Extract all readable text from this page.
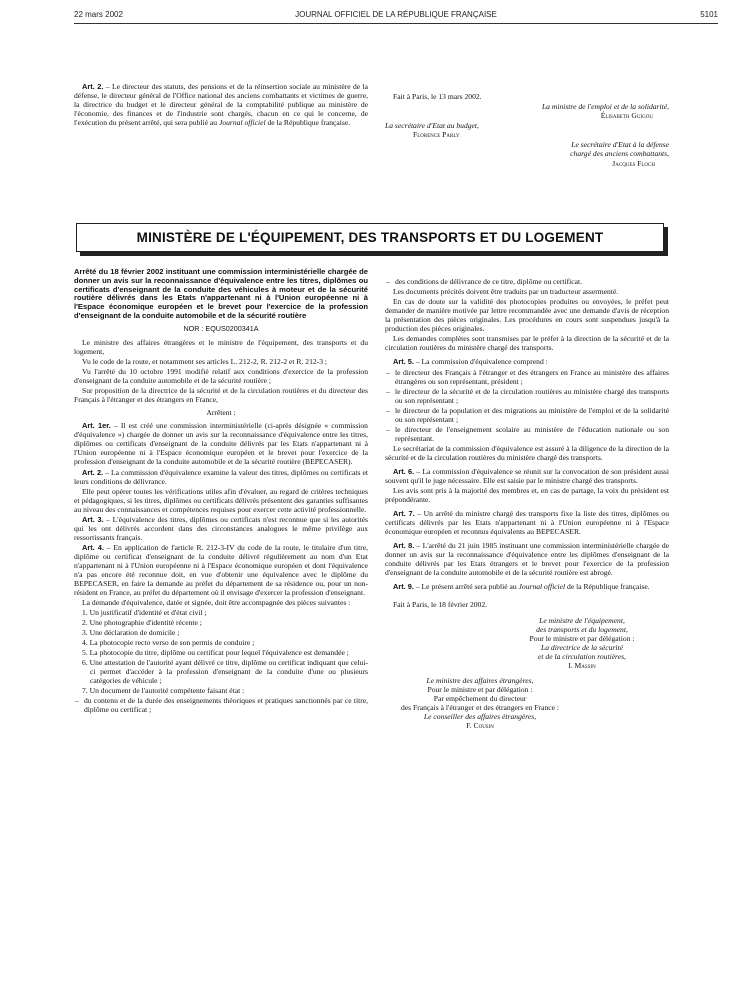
22 mars 2002	JOURNAL OFFICIEL DE LA RÉPUBLIQUE FRANÇAISE	5101

Art. 2. – Le directeur des statuts, des pensions et de la réinsertion sociale au ministère de la défense, le directeur général de l'Office national des anciens combattants et victimes de guerre, la directrice du budget et le directeur général de la comptabilité publique au ministère de l'économie, des finances et de l'industrie sont chargés, chacun en ce qui le concerne, de l'exécution du présent arrêté, qui sera publié au Journal officiel de la République française.

Fait à Paris, le 13 mars 2002.
La ministre de l'emploi et de la solidarité,
Élisabeth Guigou
La secrétaire d'Etat au budget,
Florence Parly
Le secrétaire d'Etat à la défense
chargé des anciens combattants,
Jacques Floch
MINISTÈRE DE L'ÉQUIPEMENT, DES TRANSPORTS ET DU LOGEMENT
Arrêté du 18 février 2002 instituant une commission interministérielle chargée de donner un avis sur la reconnaissance d'équivalence entre les titres, diplômes ou certificats d'enseignant de la conduite des véhicules à moteur et de la sécurité routière délivrés dans les Etats n'appartenant ni à l'Union européenne ni à l'Espace économique européen et le brevet pour l'exercice de la profession d'enseignant de la conduite automobile et de la sécurité routière
NOR : EQUS0200341A

Le ministre des affaires étrangères et le ministre de l'équipement, des transports et du logement,

Vu le code de la route, et notamment ses articles L. 212-2, R. 212-2 et R. 212-3 ;

Vu l'arrêté du 10 octobre 1991 modifié relatif aux conditions d'exercice de la profession d'enseignant de la conduite automobile et de la sécurité routière ;

Sur proposition de la directrice de la sécurité et de la circulation routières et du directeur des Français à l'étranger et des étrangers en France,

Arrêtent :

Art. 1er. – Il est créé une commission interministérielle (ci-après désignée « commission d'équivalence ») chargée de donner un avis sur la reconnaissance d'équivalence entre les titres, diplômes ou certificats d'enseignant de la conduite délivrés par les Etats n'appartenant ni à l'Union européenne ni à l'Espace économique européen et le brevet pour l'exercice de la profession d'enseignant de la conduite automobile et de la sécurité routière (BEPECASER).

Art. 2. – La commission d'équivalence examine la valeur des titres, diplômes ou certificats et leurs conditions de délivrance.

Elle peut opérer toutes les vérifications utiles afin d'évaluer, au regard de critères techniques et pédagogiques, si les titres, diplômes ou certificats délivrés présentent des garanties suffisantes au niveau des connaissances et compétences requises pour exercer cette activité professionnelle.

Art. 3. – L'équivalence des titres, diplômes ou certificats n'est reconnue que si les autorités qui les ont délivrés accordent dans des circonstances analogues le même privilège aux ressortissants français.

Art. 4. – En application de l'article R. 212-3-IV du code de la route, le titulaire d'un titre, diplôme ou certificat d'enseignant de la conduite délivré régulièrement au nom d'un Etat n'appartenant ni à l'Union européenne ni à l'Espace économique européen et dont l'équivalence n'a pas encore été reconnue doit, en vue d'obtenir une équivalence avec le diplôme du BEPECASER, en faire la demande au préfet du département de sa résidence ou, pour un non-résident en France, au préfet du département où il envisage d'exercer la profession d'enseignant.

La demande d'équivalence, datée et signée, doit être accompagnée des pièces suivantes :

1. Un justificatif d'identité et d'état civil ;
2. Une photographie d'identité récente ;
3. Une déclaration de domicile ;
4. La photocopie recto verso de son permis de conduire ;
5. La photocopie du titre, diplôme ou certificat pour lequel l'équivalence est demandée ;
6. Une attestation de l'autorité ayant délivré ce titre, diplôme ou certificat indiquant que celui-ci permet d'accéder à la profession d'enseignant de la conduite d'une ou plusieurs catégories de véhicule ;
7. Un document de l'autorité compétente faisant état :
– du contenu et de la durée des enseignements théoriques et pratiques sanctionnés par ce titre, diplôme ou certificat ;
– des conditions de délivrance de ce titre, diplôme ou certificat.

Les documents précités doivent être traduits par un traducteur assermenté.

En cas de doute sur la validité des photocopies produites ou envoyées, le préfet peut demander de manière motivée par lettre recommandée avec une demande d'avis de réception la présentation des pièces originales. Les procédures en cours sont suspendues jusqu'à la production des pièces originales.

Les demandes complètes sont transmises par le préfet à la direction de la sécurité et de la circulation routières du ministère chargé des transports.

Art. 5. – La commission d'équivalence comprend :

– le directeur des Français à l'étranger et des étrangers en France au ministère des affaires étrangères ou son représentant, président ;
– le directeur de la sécurité et de la circulation routières au ministère chargé des transports ou son représentant ;
– le directeur de la population et des migrations au ministère de l'emploi et de la solidarité ou son représentant ;
– le directeur de l'enseignement scolaire au ministère de l'éducation nationale ou son représentant.

Le secrétariat de la commission d'équivalence est assuré à la diligence de la direction de la sécurité et de la circulation routières du ministère chargé des transports.

Art. 6. – La commission d'équivalence se réunit sur la convocation de son président aussi souvent qu'il le juge nécessaire. Elle est saisie par le ministre chargé des transports.

Les avis sont pris à la majorité des membres et, en cas de partage, la voix du président est prépondérante.

Art. 7. – Un arrêté du ministre chargé des transports fixe la liste des titres, diplômes ou certificats délivrés par les Etats n'appartenant ni à l'Union européenne ni à l'Espace économique européen et reconnus équivalents au BEPECASER.

Art. 8. – L'arrêté du 21 juin 1985 instituant une commission interministérielle chargée de donner un avis sur la reconnaissance d'équivalence entre les diplômes d'enseignant de la conduite délivrés par les Etats étrangers et le brevet pour l'exercice de la profession d'enseignant de la conduite automobile et de la sécurité routière est abrogé.

Art. 9. – Le présent arrêté sera publié au Journal officiel de la République française.

Fait à Paris, le 18 février 2002.

Le ministre de l'équipement,
des transports et du logement,
Pour le ministre et par délégation :
La directrice de la sécurité
et de la circulation routières,
I. Massin
Le ministre des affaires étrangères,
Pour le ministre et par délégation :
Par empêchement du directeur
des Français à l'étranger et des étrangers en France :
Le conseiller des affaires étrangères,
F. Cousin
